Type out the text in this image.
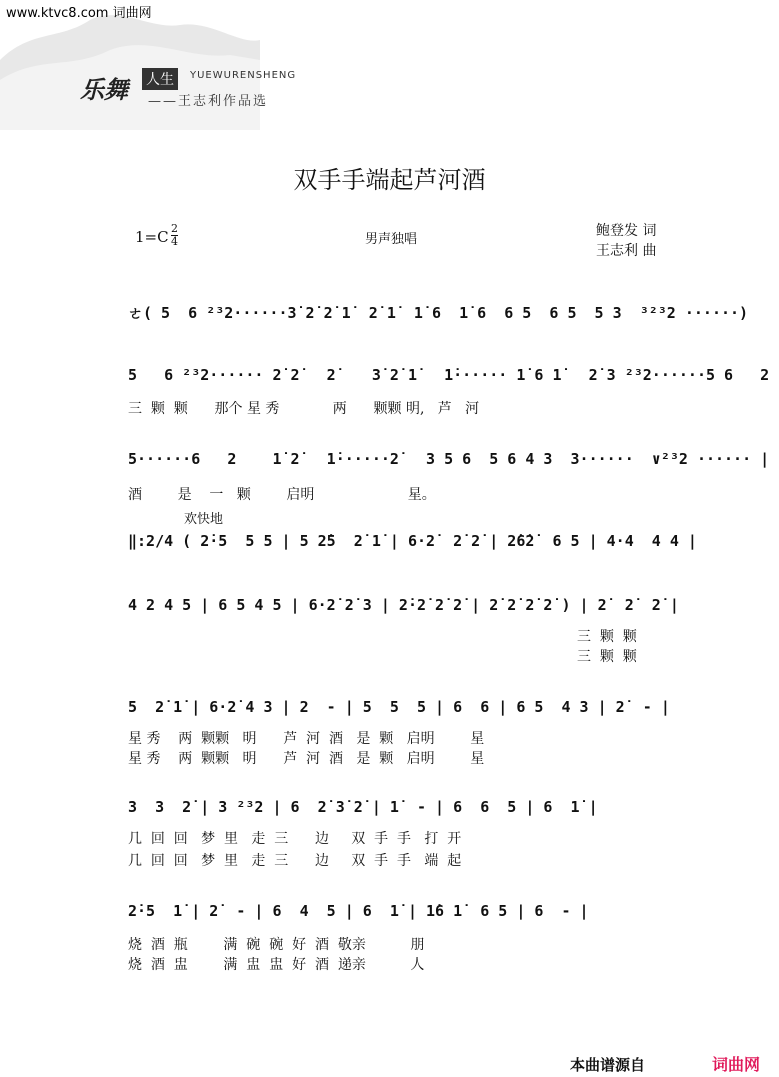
www.ktvc8.com 词曲网
乐舞 人生	YUEWURENSHENG
——王志利作品选
双手手端起芦河酒
$1=C \frac{2}{4}$	男声独唱
鲍登发 词
王志利 曲
ㄜ( 5  6 ²³2······3̇ 2̇ 2̇ 1̇  2̇ 1̇  1̇ 6  1̇ 6  6 5  6 5  5 3  ³²³2 ······)
5   6 ²³2······ 2̇ 2̇   2̇    3̇ 2̇ 1̇   1̇······ 1̇ 6 1̇   2̇ 3 ²³2······5 6   2
三  颗  颗      那个 星 秀            两      颗颗 明,   芦   河
5······6   2    1̇ 2̇   1̇······2̇   3 5 6  5 6 4 3  3······  ∨²³2 ······ |
酒        是    一   颗        启明                     星。
欢快地
‖:2/4 ( 2̇·5  5 5 | 5 2̇5  2̇ 1̇ | 6·2̇  2̇ 2̇ | 2̇6̇2̇  6 5 | 4·4  4 4 |
4 2 4 5 | 6 5 4 5 | 6·2̇ 2̇ 3 | 2̇·2̇ 2̇ 2̇ | 2̇ 2̇ 2̇ 2̇ ) | 2̇  2̇  2̇ |
三  颗  颗
三  颗  颗
5  2̇ 1̇ | 6·2̇ 4 3 | 2  - | 5  5  5 | 6  6 | 6 5  4 3 | 2̇  - |
星 秀    两  颗颗   明      芦  河  酒   是  颗   启明        星
星 秀    两  颗颗   明      芦  河  酒   是  颗   启明        星
3  3  2̇ | 3 ²³2 | 6  2̇ 3̇ 2̇ | 1̇  - | 6  6  5 | 6  1̇ |
几  回  回   梦  里   走  三      边     双  手  手   打  开
几  回  回   梦  里   走  三      边     双  手  手   端  起
2̇·5  1̇ | 2̇  - | 6  4  5 | 6  1̇ | 1̇6 1̇  6 5 | 6  - |
烧  酒  瓶        满  碗  碗  好  酒  敬亲          朋
烧  酒  盅        满  盅  盅  好  酒  递亲          人
本曲谱源自	词曲网
